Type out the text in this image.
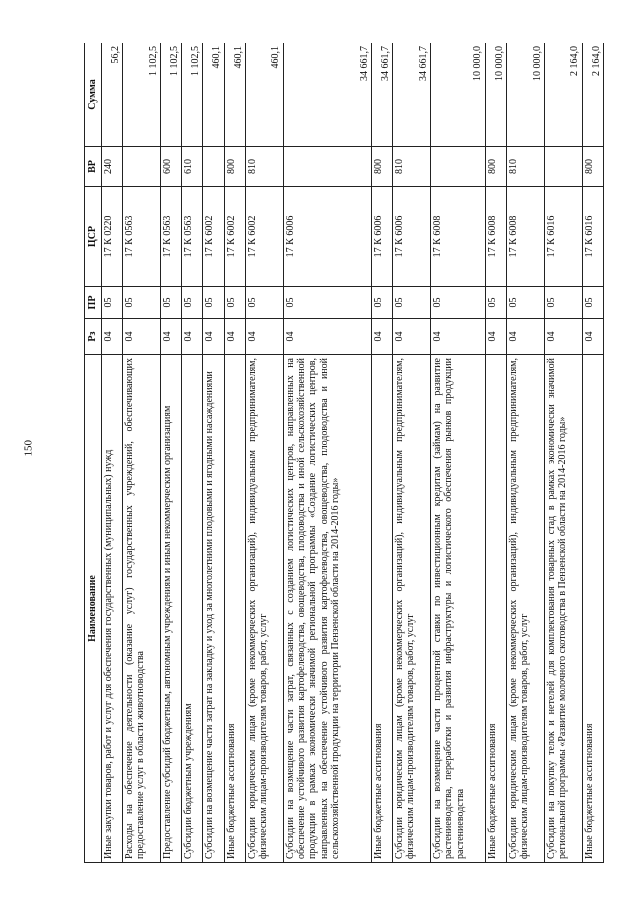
150
Наименование	Рз	ПР	ЦСР	ВР	Сумма
Иные закупки товаров, работ и услуг для обеспечения государственных (муниципальных) нужд	04	05	17 К 0220	240	56,2

Расходы на обеспечение деятельности (оказание услуг) государственных учреждений, обеспечивающих предоставление услуг в области животноводства	04	05	17 К 0563		1 102,5

Предоставление субсидий бюджетным, автономным учреждениям и иным некоммерческим организациям	04	05	17 К 0563	600	1 102,5

Субсидии бюджетным учреждениям	04	05	17 К 0563	610	1 102,5

Субсидии на возмещение части затрат на закладку и уход за многолетними плодовыми и ягодными насаждениями	04	05	17 К 6002		460,1

Иные бюджетные ассигнования	04	05	17 К 6002	800	460,1

Субсидии юридическим лицам (кроме некоммерческих организаций), индивидуальным предпринимателям, физическим лицам-производителям товаров, работ, услуг	04	05	17 К 6002	810	460,1

Субсидии на возмещение части затрат, связанных с созданием логистических центров, направленных на обеспечение устойчивого развития картофелеводства, овощеводства, плодоводства и иной сельскохозяйственной продукции в рамках экономически значимой региональной программы «Создание логистических центров, направленных на обеспечение устойчивого развития картофелеводства, овощеводства, плодоводства и иной сельскохозяйственной продукции на территории Пензенской области на 2014-2016 годы»	04	05	17 К 6006		34 661,7

Иные бюджетные ассигнования	04	05	17 К 6006	800	34 661,7

Субсидии юридическим лицам (кроме некоммерческих организаций), индивидуальным предпринимателям, физическим лицам-производителям товаров, работ, услуг	04	05	17 К 6006	810	34 661,7

Субсидии на возмещение части процентной ставки по инвестиционным кредитам (займам) на развитие растениеводства, переработки и развития инфраструктуры и логистического обеспечения рынков продукции растениеводства	04	05	17 К 6008		10 000,0

Иные бюджетные ассигнования	04	05	17 К 6008	800	10 000,0

Субсидии юридическим лицам (кроме некоммерческих организаций), индивидуальным предпринимателям, физическим лицам-производителям товаров, работ, услуг	04	05	17 К 6008	810	10 000,0

Субсидии на покупку телок и нетелей для комплектования товарных стад в рамках экономически значимой региональной программы «Развитие молочного скотоводства в Пензенской области на 2014-2016 годы»	04	05	17 К 6016		2 164,0

Иные бюджетные ассигнования	04	05	17 К 6016	800	2 164,0
